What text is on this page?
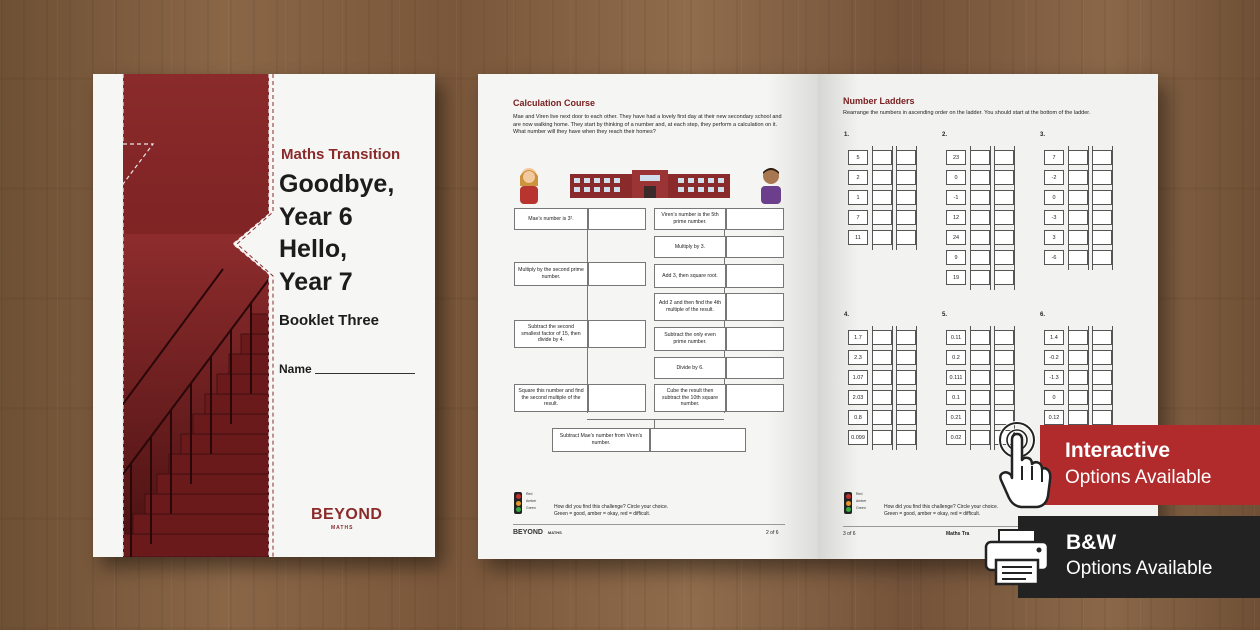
Maths Transition
Goodbye,
Year 6
Hello,
Year 7
Booklet Three
Name
BEYOND
MATHS
Calculation Course
Mae and Viren live next door to each other. They have had a lovely first day at their new secondary school and are now walking home. They start by thinking of a number and, at each step, they perform a calculation on it. What number will they have when they reach their homes?
Mae’s number is 3².
Multiply by the second prime number.
Subtract the second smallest factor of 15, then divide by 4.
Square this number and find the second multiple of the result.
Viren’s number is the 5th prime number.
Multiply by 3.
Add 3, then square root.
Add 2 and then find the 4th multiple of the result.
Subtract the only even prime number.
Divide by 6.
Cube the result then subtract the 10th square number.
Subtract Mae’s number from Viren’s number.
Red
Amber
Green	How did you find this challenge? Circle your choice.
Green = good, amber = okay, red = difficult.
BEYOND MATHS	2 of 6
Number Ladders
Rearrange the numbers in ascending order on the ladder. You should start at the bottom of the ladder.
1.
5
2
1
7
11
2.
23
0
-1
12
24
9
19
3.
7
-2
0
-3
3
-6
4.
1.7
2.3
1.07
2.03
0.8
0.099
5.
0.11
0.2
0.111
0.1
0.21
0.02
6.
1.4
-0.2
-1.3
0
0.12
Red
Amber
Green	How did you find this challenge? Circle your choice.
Green = good, amber = okay, red = difficult.
3 of 6	Maths Tra
Interactive
Options Available
B&W
Options Available
